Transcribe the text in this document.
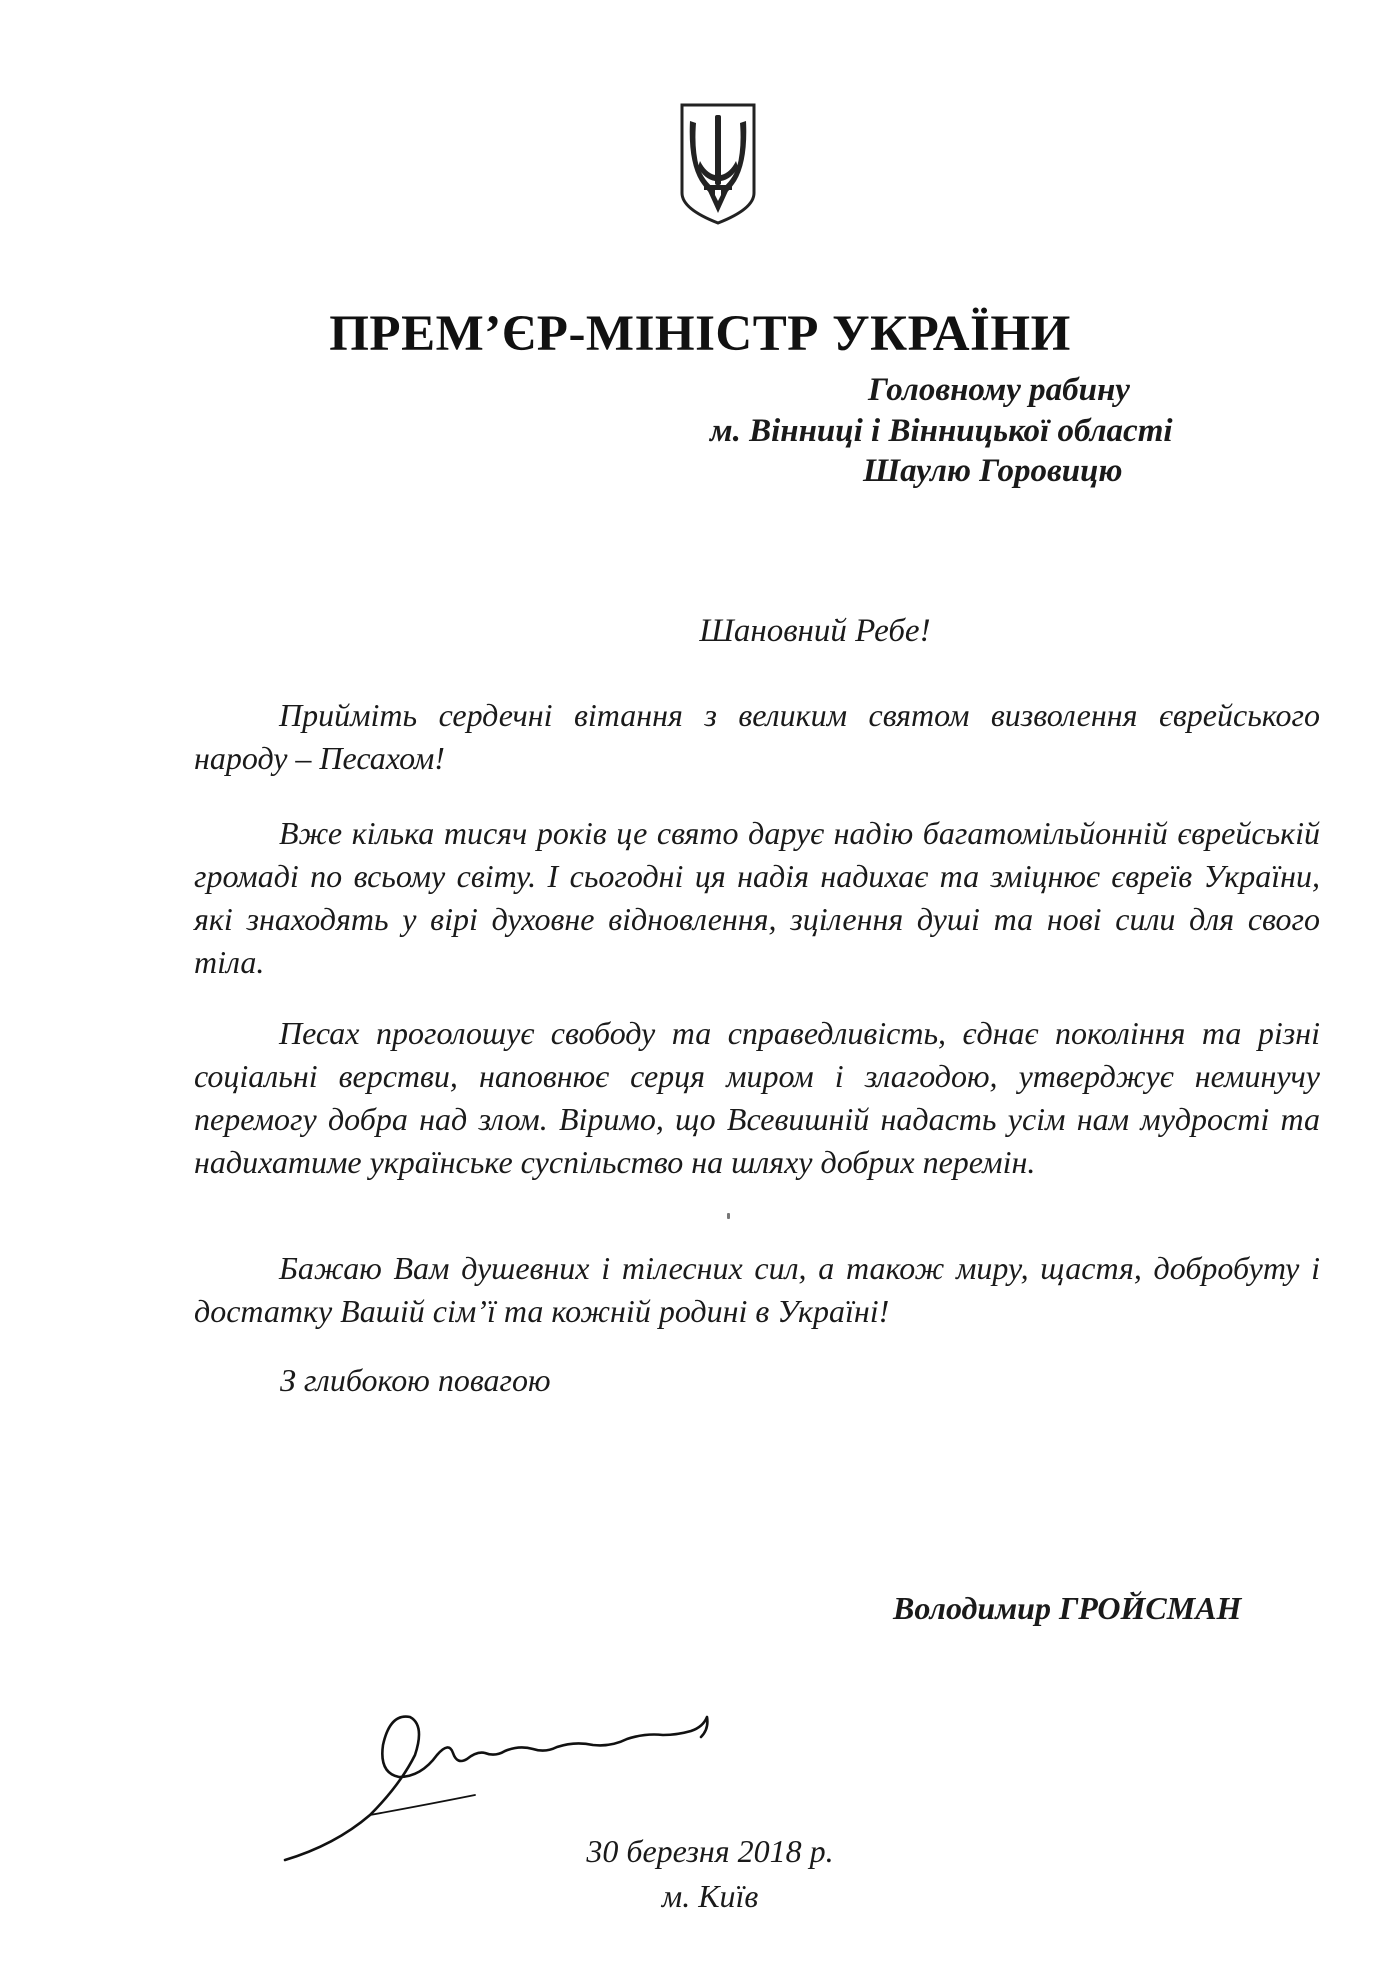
ПРЕМ’ЄР-МІНІСТР УКРАЇНИ
Головному рабину
м. Вінниці і Вінницької області
Шаулю Горовицю
Шановний Ребе!

Прийміть сердечні вітання з великим святом визволення єврейського народу – Песахом!

Вже кілька тисяч років це свято дарує надію багатомільйонній єврейській громаді по всьому світу. І сьогодні ця надія надихає та зміцнює євреїв України, які знаходять у вірі духовне відновлення, зцілення душі та нові сили для свого тіла.

Песах проголошує свободу та справедливість, єднає покоління та різні соціальні верстви, наповнює серця миром і злагодою, утверджує неминучу перемогу добра над злом. Віримо, що Всевишній надасть усім нам мудрості та надихатиме українське суспільство на шляху добрих перемін.

Бажаю Вам душевних і тілесних сил, а також миру, щастя, добробуту і достатку Вашій сім’ї та кожній родині в Україні!

З глибокою повагою
Володимир ГРОЙСМАН
30 березня 2018 р.
м. Київ
